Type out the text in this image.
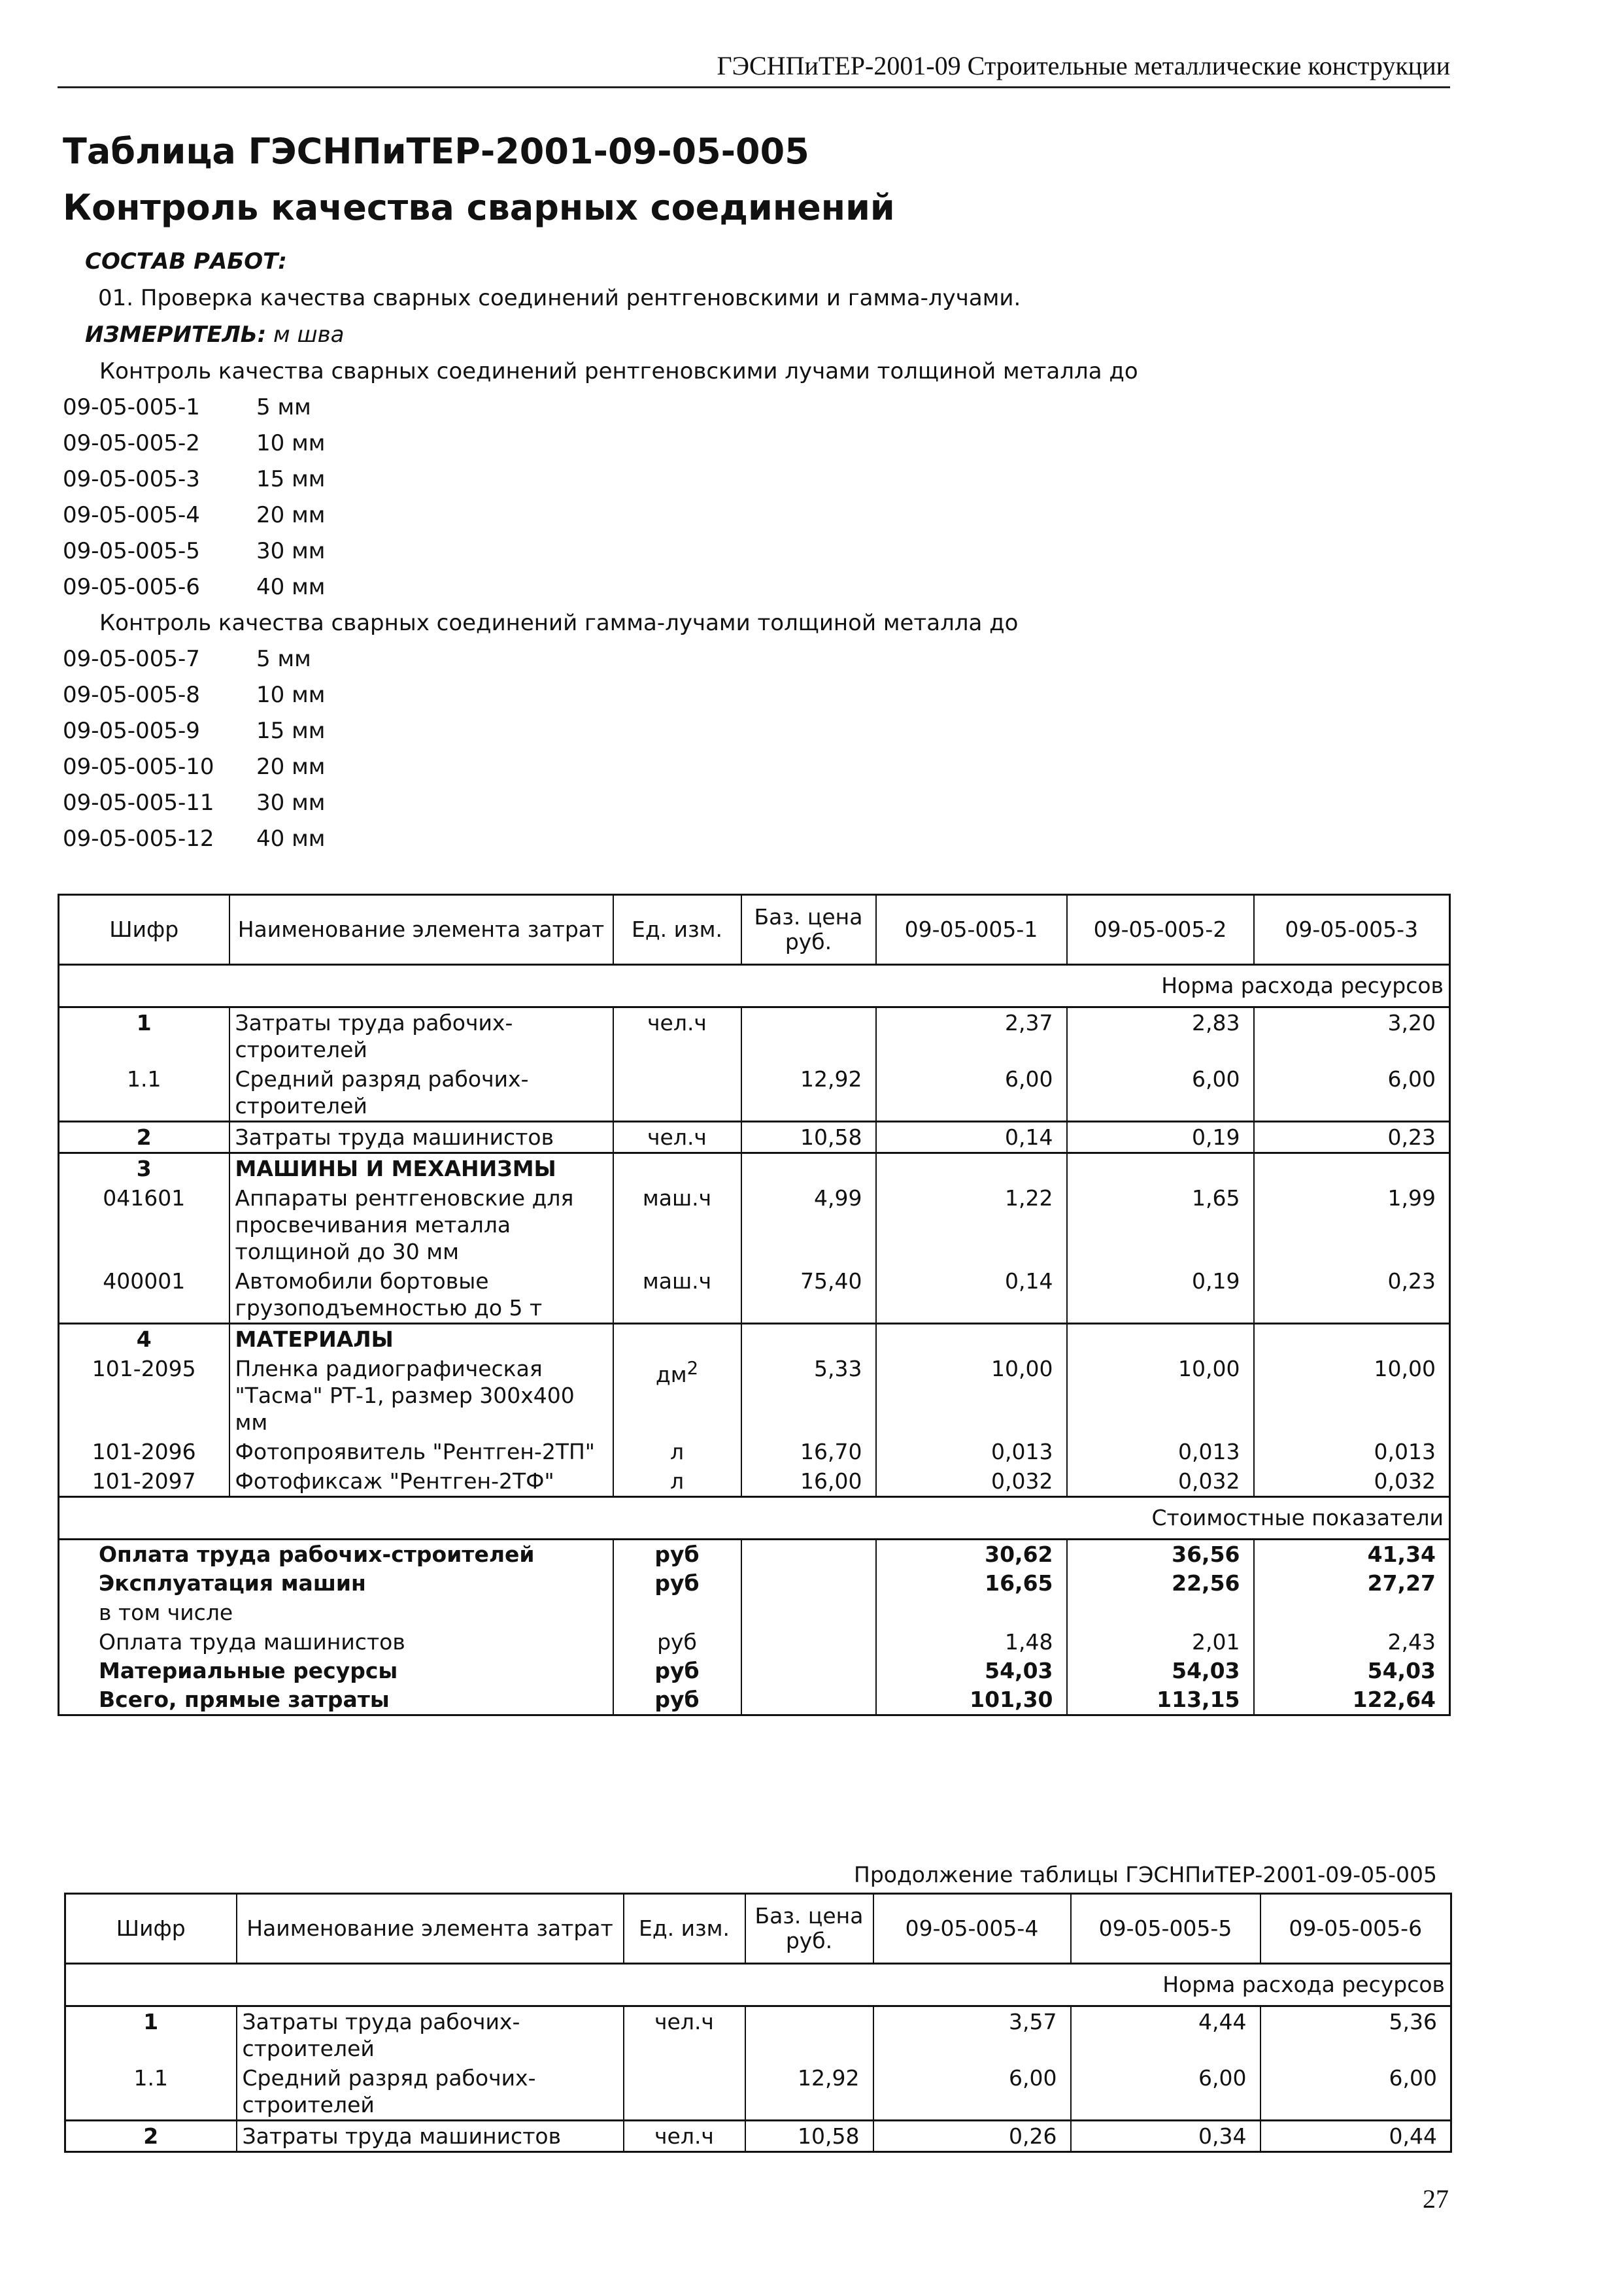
ГЭСНПиТЕР-2001-09 Строительные металлические конструкции
Таблица ГЭСНПиТЕР-2001-09-05-005
Контроль качества сварных соединений
СОСТАВ РАБОТ:
01. Проверка качества сварных соединений рентгеновскими и гамма-лучами.
ИЗМЕРИТЕЛЬ: м шва
Контроль качества сварных соединений рентгеновскими лучами толщиной металла до
09-05-005-1	5 мм
09-05-005-2	10 мм
09-05-005-3	15 мм
09-05-005-4	20 мм
09-05-005-5	30 мм
09-05-005-6	40 мм
Контроль качества сварных соединений гамма-лучами толщиной металла до
09-05-005-7	5 мм
09-05-005-8	10 мм
09-05-005-9	15 мм
09-05-005-10 20 мм
09-05-005-11 30 мм
09-05-005-12 40 мм
Шифр	Наименование элемента затрат	Ед. изм.	Баз. цена руб.	09-05-005-1	09-05-005-2	09-05-005-3
Норма расхода ресурсов						
1	Затраты труда рабочих-строителей	чел.ч		2,37	2,83	3,20
1.1	Средний разряд рабочих-строителей		12,92	6,00	6,00	6,00
2	Затраты труда машинистов	чел.ч	10,58	0,14	0,19	0,23
3	МАШИНЫ И МЕХАНИЗМЫ					
041601	Аппараты рентгеновские для просвечивания металла толщиной до 30 мм	маш.ч	4,99	1,22	1,65	1,99
400001	Автомобили бортовые грузоподъемностью до 5 т	маш.ч	75,40	0,14	0,19	0,23
4	МАТЕРИАЛЫ					
101-2095	Пленка радиографическая "Тасма" РТ-1, размер 300х400 мм	$дм^2$	5,33	10,00	10,00	10,00
101-2096	Фотопроявитель "Рентген-2ТП"	л	16,70	0,013	0,013	0,013
101-2097	Фотофиксаж "Рентген-2ТФ"	л	16,00	0,032	0,032	0,032
Стоимостные показатели						
Оплата труда рабочих-строителей		руб		30,62	36,56	41,34
Эксплуатация машин		руб		16,65	22,56	27,27
в том числе						
Оплата труда машинистов		руб		1,48	2,01	2,43
Материальные ресурсы		руб		54,03	54,03	54,03
Всего, прямые затраты		руб		101,30	113,15	122,64
Продолжение таблицы ГЭСНПиТЕР-2001-09-05-005
Шифр	Наименование элемента затрат	Ед. изм.	Баз. цена руб.	09-05-005-4	09-05-005-5	09-05-005-6
Норма расхода ресурсов						
1	Затраты труда рабочих-строителей	чел.ч		3,57	4,44	5,36
1.1	Средний разряд рабочих-строителей		12,92	6,00	6,00	6,00
2	Затраты труда машинистов	чел.ч	10,58	0,26	0,34	0,44
27
